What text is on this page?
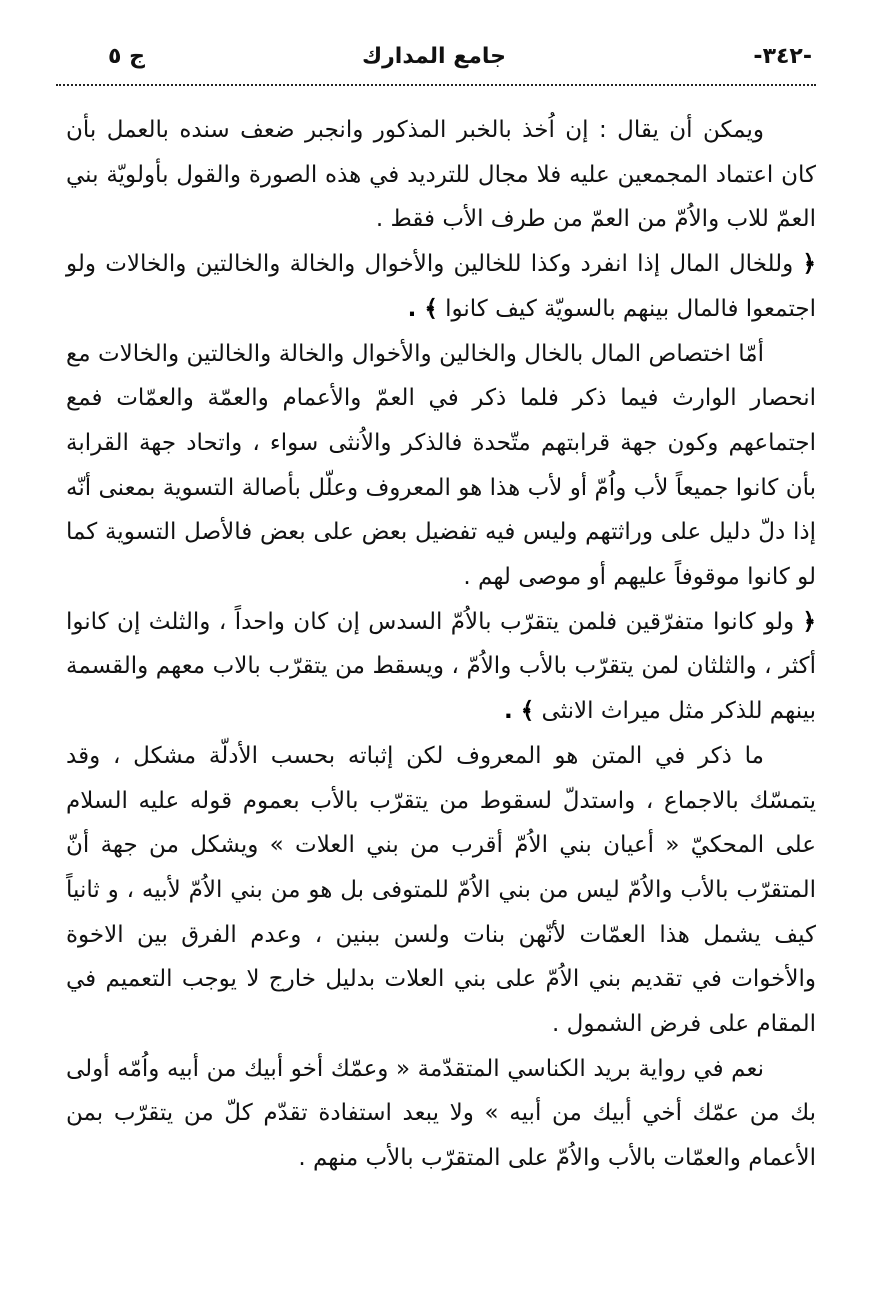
-٣٤٢-
جامع المدارك
ج ٥

ويمكن أن يقال : إن اُخذ بالخبر المذكور وانجبر ضعف سنده بالعمل بأن كان اعتماد المجمعين عليه فلا مجال للترديد في هذه الصورة والقول بأولويّة بني العمّ للاب والاُمّ من العمّ من طرف الأب فقط .

﴿ وللخال المال إذا انفرد وكذا للخالين والأخوال والخالة والخالتين والخالات ولو اجتمعوا فالمال بينهم بالسويّة كيف كانوا ﴾ .

أمّا اختصاص المال بالخال والخالين والأخوال والخالة والخالتين والخالات مع انحصار الوارث فيما ذكر فلما ذكر في العمّ والأعمام والعمّة والعمّات فمع اجتماعهم وكون جهة قرابتهم متّحدة فالذكر والاُنثى سواء ، واتحاد جهة القرابة بأن كانوا جميعاً لأب واُمّ أو لأب هذا هو المعروف وعلّل بأصالة التسوية بمعنى أنّه إذا دلّ دليل على وراثتهم وليس فيه تفضيل بعض على بعض فالأصل التسوية كما لو كانوا موقوفاً عليهم أو موصى لهم .

﴿ ولو كانوا متفرّقين فلمن يتقرّب بالاُمّ السدس إن كان واحداً ، والثلث إن كانوا أكثر ، والثلثان لمن يتقرّب بالأب والاُمّ ، ويسقط من يتقرّب بالاب معهم والقسمة بينهم للذكر مثل ميراث الانثى ﴾ .

ما ذكر في المتن هو المعروف لكن إثباته بحسب الأدلّة مشكل ، وقد يتمسّك بالاجماع ، واستدلّ لسقوط من يتقرّب بالأب بعموم قوله عليه السلام على المحكيّ « أعيان بني الاُمّ أقرب من بني العلات » ويشكل من جهة أنّ المتقرّب بالأب والاُمّ ليس من بني الاُمّ للمتوفى بل هو من بني الاُمّ لأبيه ، و ثانياً كيف يشمل هذا العمّات لأنّهن بنات ولسن ببنين ، وعدم الفرق بين الاخوة والأخوات في تقديم بني الاُمّ على بني العلات بدليل خارج لا يوجب التعميم في المقام على فرض الشمول .

نعم في رواية بريد الكناسي المتقدّمة « وعمّك أخو أبيك من أبيه واُمّه أولى بك من عمّك أخي أبيك من أبيه » ولا يبعد استفادة تقدّم كلّ من يتقرّب بمن الأعمام والعمّات بالأب والاُمّ على المتقرّب بالأب منهم .
